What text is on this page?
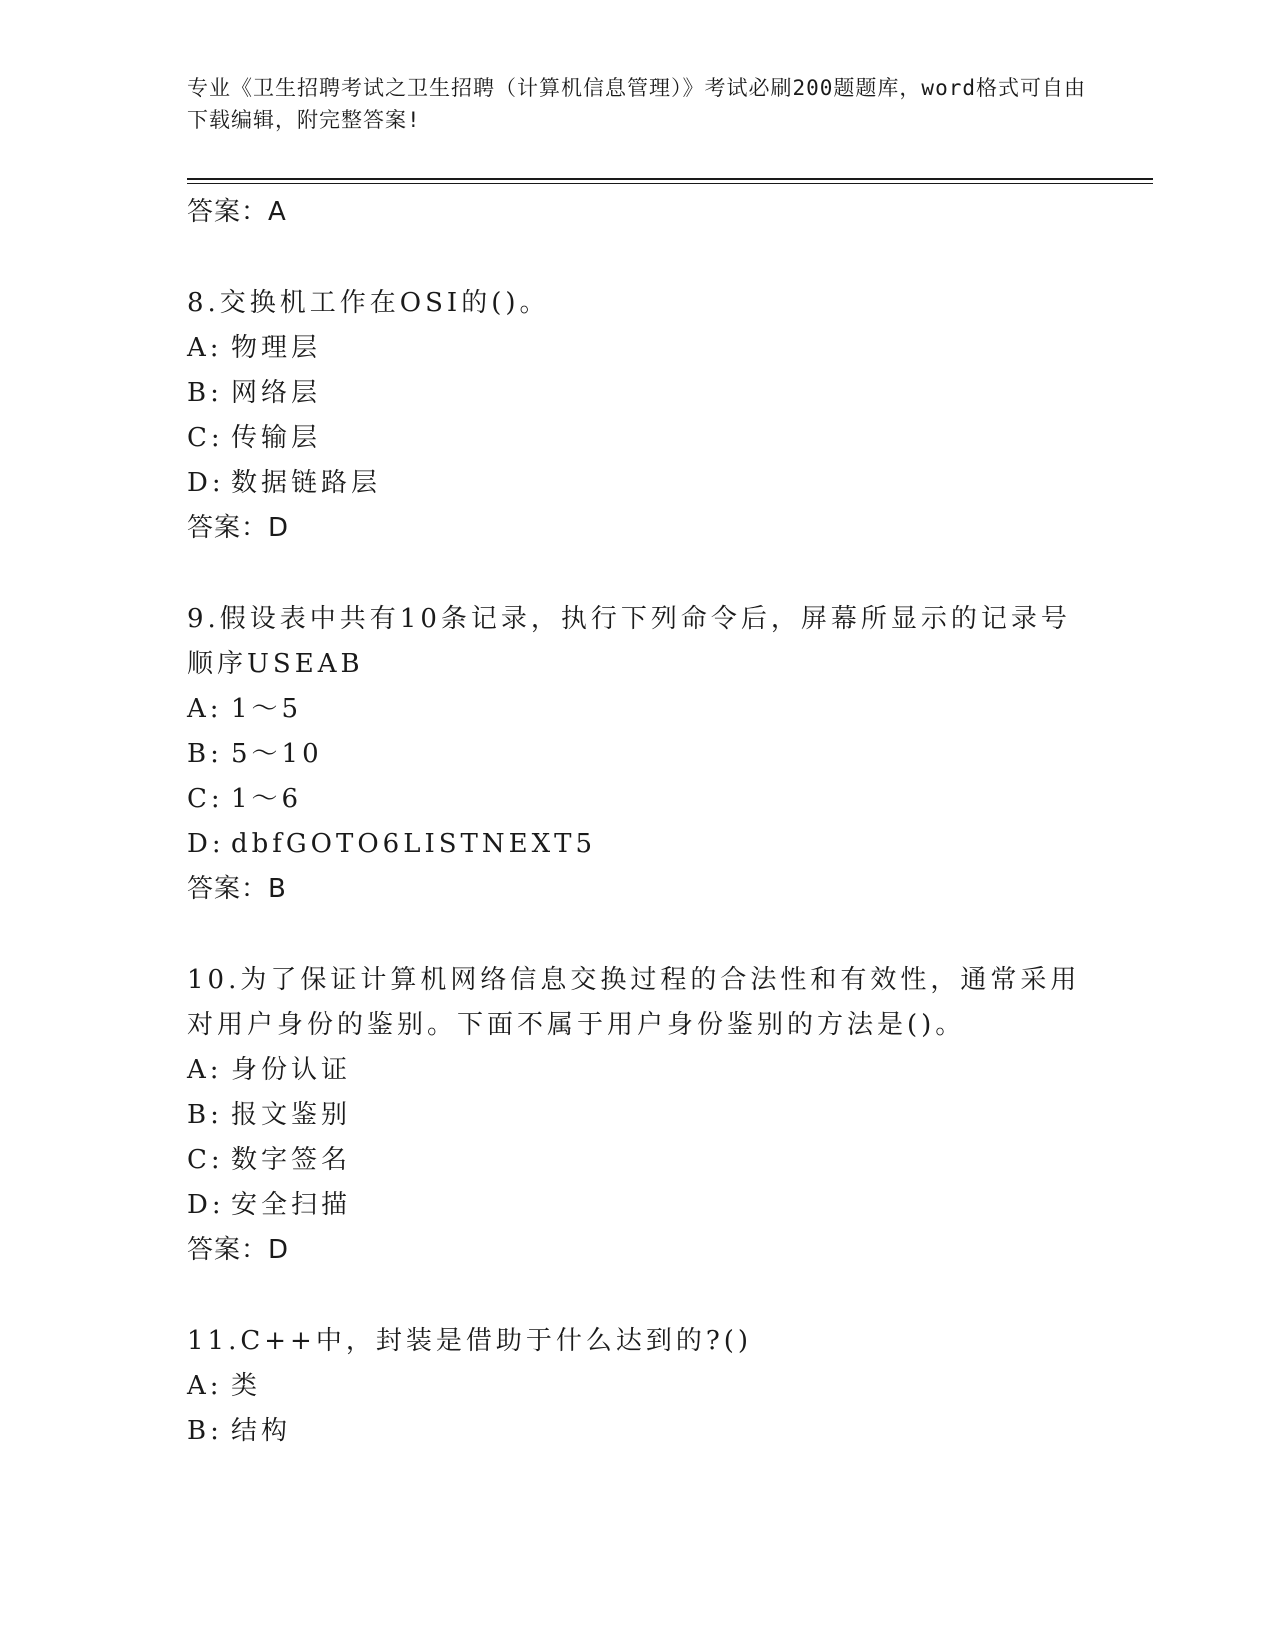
专业《卫生招聘考试之卫生招聘（计算机信息管理）》考试必刷200题题库，word格式可自由下载编辑，附完整答案!
答案：A
8.交换机工作在OSI的()。
A: 物理层
B: 网络层
C: 传输层
D: 数据链路层
答案：D
9.假设表中共有10条记录，执行下列命令后，屏幕所显示的记录号顺序USEAB
A: 1～5
B: 5～10
C: 1～6
D: dbfGOTO6LISTNEXT5
答案：B
10.为了保证计算机网络信息交换过程的合法性和有效性，通常采用对用户身份的鉴别。下面不属于用户身份鉴别的方法是()。
A: 身份认证
B: 报文鉴别
C: 数字签名
D: 安全扫描
答案：D
11.C++中，封装是借助于什么达到的?()
A: 类
B: 结构
